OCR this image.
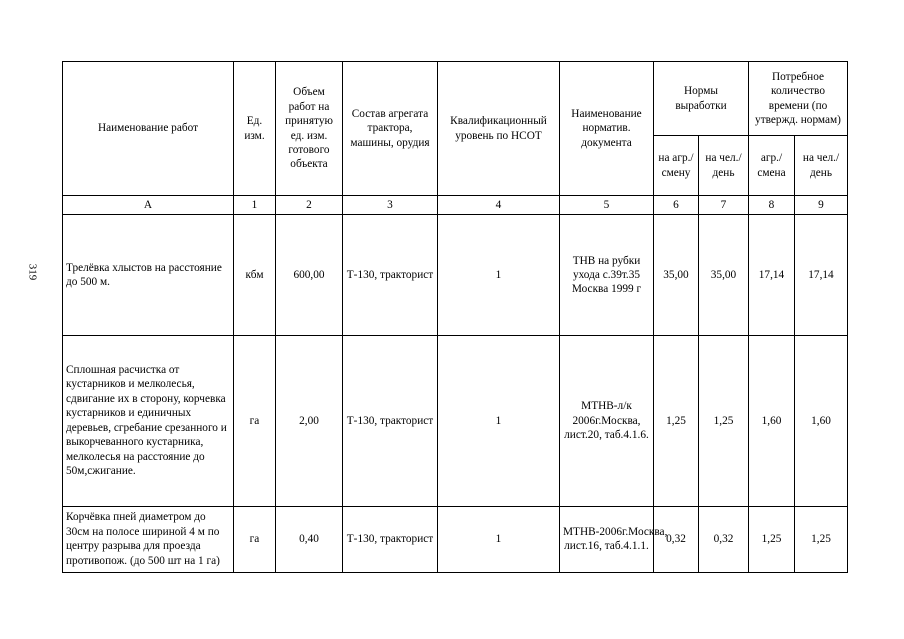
319
Наименование работ	Ед. изм.	Объем работ на принятую ед. изм. готового объекта	Состав агрегата трактора, машины, орудия	Квалификационный уровень по НСОТ	Наименование норматив. документа	Нормы выработки		Потребное количество времени (по утвержд. нормам)	
						на агр./ смену	на чел./ день	агр./ смена	на чел./ день
А	1	2	3	4	5	6	7	8	9
Трелёвка хлыстов на расстояние до 500 м.	кбм	600,00	Т-130, тракторист	1	ТНВ на рубки ухода с.39т.35 Москва 1999 г	35,00	35,00	17,14	17,14
Сплошная расчистка от кустарников и мелколесья, сдвигание их в сторону, корчевка кустарников и единичных деревьев, сгребание срезанного и выкорчеванного кустарника, мелколесья на расстояние до 50м,сжигание.	га	2,00	Т-130, тракторист	1	МТНВ-л/к 2006г.Москва, лист.20, таб.4.1.6.	1,25	1,25	1,60	1,60
Корчёвка пней диаметром до 30см на полосе шириной 4 м по центру разрыва для проезда противопож. (до 500 шт на 1 га)	га	0,40	Т-130, тракторист	1	МТНВ-2006г.Москва, лист.16, таб.4.1.1.	0,32	0,32	1,25	1,25
